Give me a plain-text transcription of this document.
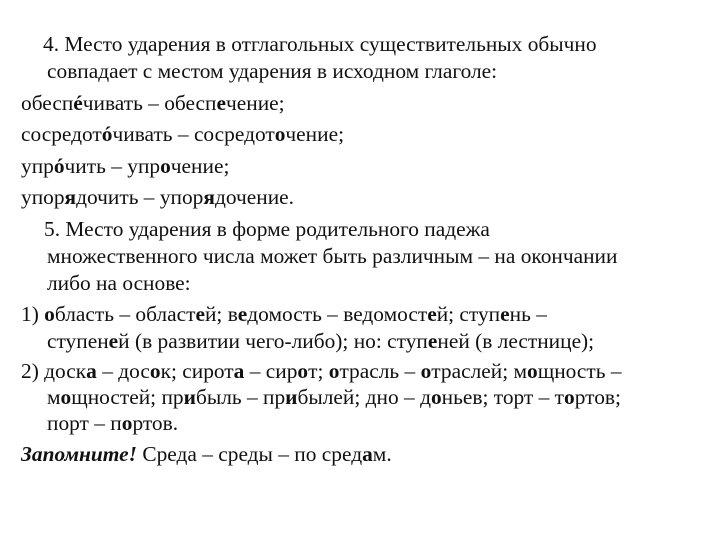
4. Место ударения в отглагольных существительных обычно
совпадает с местом ударения в исходном глаголе:
обеспéчивать – обеспечение;
сосредотóчивать – сосредоточение;
упрóчить – упрочение;
упорядочить – упорядочение.
5. Место ударения в форме родительного падежа
множественного числа может быть различным – на окончании
либо на основе:
1) область – областей; ведомость – ведомостей; ступень –
ступеней (в развитии чего-либо); но: ступеней (в лестнице);
2) доска – досок; сирота – сирот; отрасль – отраслей; мощность –
мощностей; прибыль – прибылей; дно – доньев; торт – тортов;
порт – портов.
Запомните! Среда – среды – по средам.
